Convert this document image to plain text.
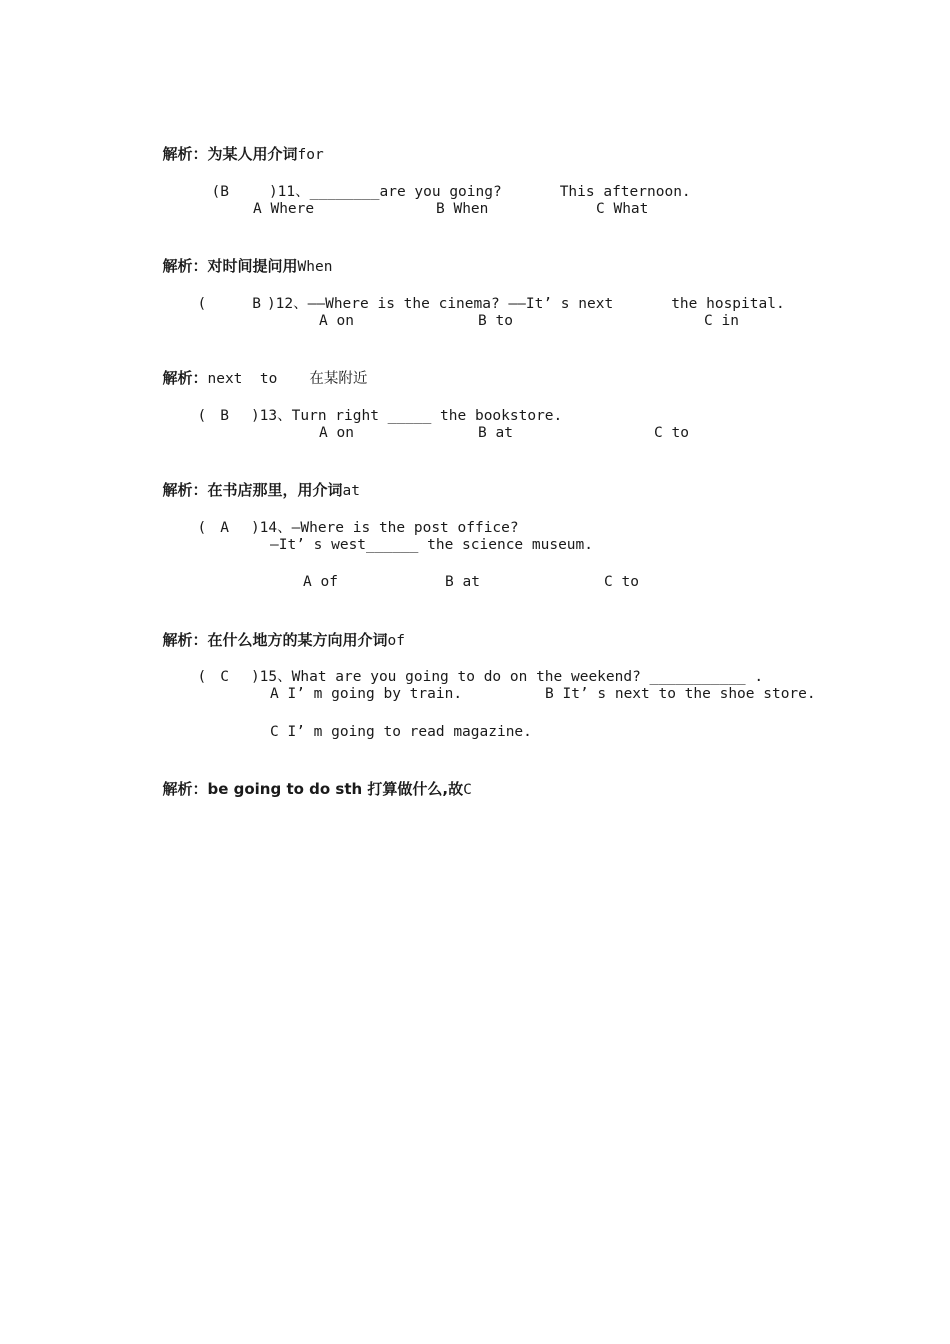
解析：为某人用介词for

(B	)11、________are you going?	This afternoon.

A Where	B When	C What

解析：对时间提问用When

(	B )12、——Where is the cinema? ——It’ s next	the hospital.

A on	B to	C in

解析：next  to 在某附近

( B )13、Turn right _____ the bookstore.

A on	B at	C to

解析：在书店那里，用介词at

( A )14、—Where is the post office?

—It’ s west______ the science museum.
A of	B at	C to

解析：在什么地方的某方向用介词of

( C )15、What are you going to do on the weekend? ___________ .

A I’ m going by train.	B It’ s next to the shoe store.
C I’ m going to read magazine.

解析：be going to do sth 打算做什么,故C
